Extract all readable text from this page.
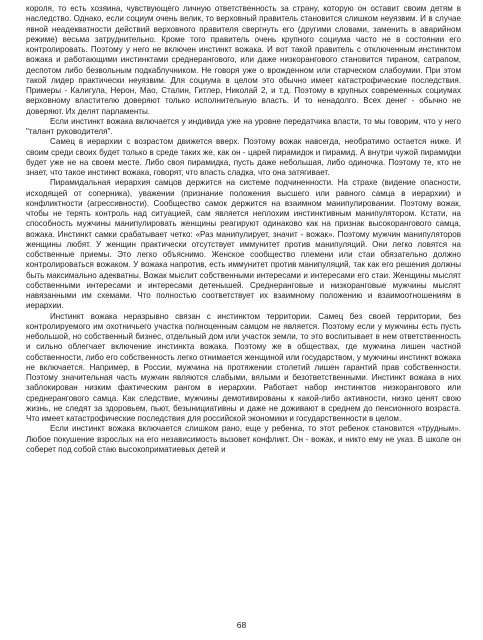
короля, то есть хозяина, чувствующего личную ответственность за страну, которую он оставит своим детям в наследство. Однако, если социум очень велик, то верховный правитель становится слишком неуязвим. И в случае явной неадекватности действий верховного правителя свергнуть его (другими словами, заменить в аварийном режиме) весьма затруднительно. Кроме того правитель очень крупного социума часто не в состоянии его контролировать. Поэтому у него не включен инстинкт вожака. И вот такой правитель с отключенным инстинктом вожака и работающими инстинктами среднерангового, или даже низкорангового становится тираном, сатрапом, деспотом либо безвольным подкаблучником. Не говоря уже о врожденном или старческом слабоумии. При этом такой лидер практически неуязвим. Для социума в целом это обычно имеет катастрофические последствия. Примеры - Калигула, Нерон, Мао, Сталин, Гитлер, Николай 2, и т.д. Поэтому в крупных современных социумах верховному властителю доверяют только исполнительную власть. И то ненадолго. Всех денег - обычно не доверяют. Их делят парламенты.

Если инстинкт вожака включается у индивида уже на уровне передатчика власти, то мы говорим, что у него "талант руководителя".

Самец в иерархии с возрастом движется вверх. Поэтому вожак навсегда, необратимо остается ниже. И своим среди своих будет только в среде таких же, как он - царей пирамидок и пирамид. А внутри чужой пирамидки будет уже не на своем месте. Либо своя пирамидка, пусть даже небольшая, либо одиночка. Поэтому те, кто не знает, что такое инстинкт вожака, говорят, что власть сладка, что она затягивает.

Пирамидальная иерархия самцов держится на системе подчиненности. На страхе (видение опасности, исходящей от соперника), уважении (признание положения высшего или равного самца в иерархии) и конфликтности (агрессивности). Сообщество самок держится на взаимном манипулировании. Поэтому вожак, чтобы не терять контроль над ситуацией, сам является неплохим инстинктивным манипулятором. Кстати, на способность мужчины манипулировать женщины реагируют одинаково как на признак высокорангового самца, вожака. Инстинкт самки срабатывает четко: «Раз манипулирует, значит - вожак». Поэтому мужчин манипуляторов женщины любят. У женщин практически отсутствует иммунитет против манипуляций. Они легко ловятся на собственные приемы. Это легко объяснимо. Женское сообщество племени или стаи обязательно должно контролироваться вожаком. У вожака напротив, есть иммунитет против манипуляций, так как его решения должны быть максимально адекватны. Вожак мыслит собственными интересами и интересами его стаи. Женщины мыслят собственными интересами и интересами детенышей. Среднеранговые и низкоранговые мужчины мыслят навязанными им схемами. Что полностью соответствует их взаимному положению и взаимоотношениям в иерархии.

Инстинкт вожака неразрывно связан с инстинктом территории. Самец без своей территории, без контролируемого им охотничьего участка полноценным самцом не является. Поэтому если у мужчины есть пусть небольшой, но собственный бизнес, отдельный дом или участок земли, то это воспитывает в нем ответственность и сильно облегчает включение инстинкта вожака. Поэтому же в обществах, где мужчина лишен частной собственности, либо его собственность легко отнимается женщиной или государством, у мужчины инстинкт вожака не включается. Например, в России, мужчина на протяжении столетий лишен гарантий прав собственности. Поэтому значительная часть мужчин являются слабыми, вялыми и безответственными. Инстинкт вожака в них заблокирован низким фактическим рангом в иерархии. Работает набор инстинктов низкорангового или среднерангового самца. Как следствие, мужчины демотивированы к какой-либо активности, низко ценят свою жизнь, не следят за здоровьем, пьют, безынициативны и даже не доживают в среднем до пенсионного возраста. Что имеет катастрофические последствия для российской экономики и государственности в целом.

Если инстинкт вожака включается слишком рано, еще у ребенка, то этот ребенок становится «трудным». Любое покушение взрослых на его независимость вызовет конфликт. Он - вожак, и никто ему не указ. В школе он соберет под собой стаю высокоприматиевых детей и

68
